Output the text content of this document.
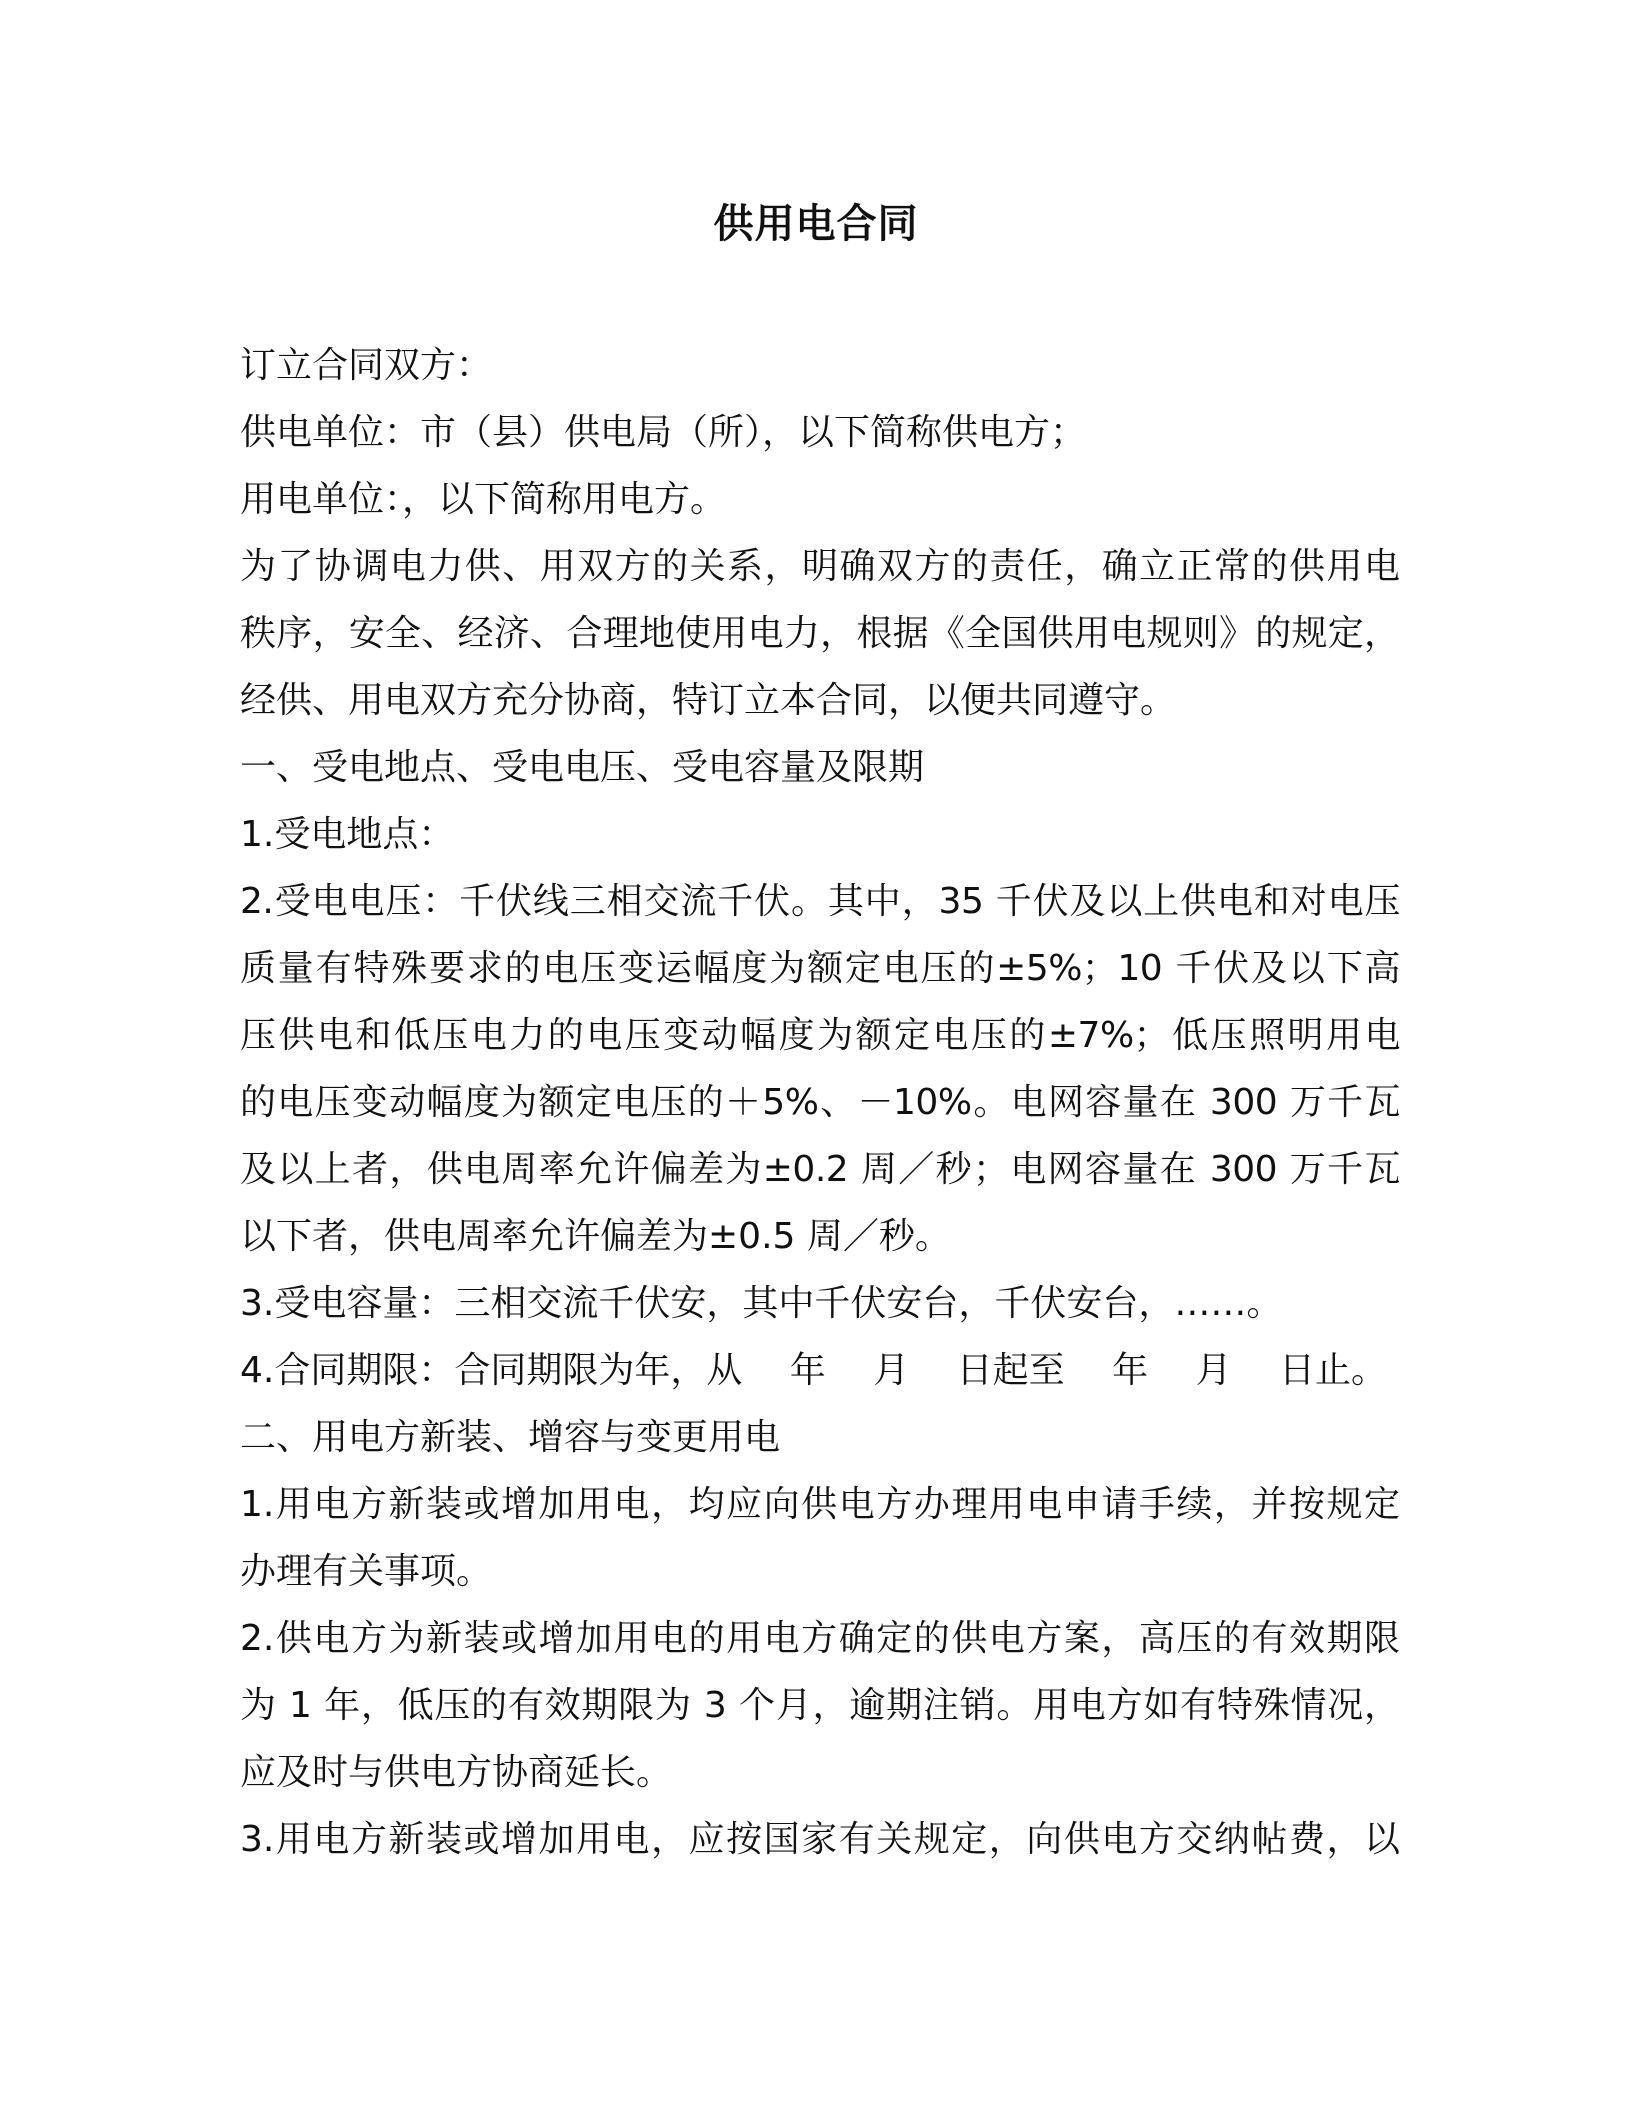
供用电合同
订立合同双方：
供电单位：市（县）供电局（所），以下简称供电方；
用电单位：，以下简称用电方。
为了协调电力供、用双方的关系，明确双方的责任，确立正常的供用电
秩序，安全、经济、合理地使用电力，根据《全国供用电规则》的规定，
经供、用电双方充分协商，特订立本合同，以便共同遵守。
一、受电地点、受电电压、受电容量及限期
1.受电地点：
2.受电电压：千伏线三相交流千伏。其中，35 千伏及以上供电和对电压
质量有特殊要求的电压变运幅度为额定电压的±5%；10 千伏及以下高
压供电和低压电力的电压变动幅度为额定电压的±7%；低压照明用电
的电压变动幅度为额定电压的＋5%、－10%。电网容量在 300 万千瓦
及以上者，供电周率允许偏差为±0.2 周／秒；电网容量在 300 万千瓦
以下者，供电周率允许偏差为±0.5 周／秒。
3.受电容量：三相交流千伏安，其中千伏安台，千伏安台，……。
4.合同期限：合同期限为年，从　 年　 月　 日起至　 年　 月　 日止。
二、用电方新装、增容与变更用电
1.用电方新装或增加用电，均应向供电方办理用电申请手续，并按规定
办理有关事项。
2.供电方为新装或增加用电的用电方确定的供电方案，高压的有效期限
为 1 年，低压的有效期限为 3 个月，逾期注销。用电方如有特殊情况，
应及时与供电方协商延长。
3.用电方新装或增加用电，应按国家有关规定，向供电方交纳帖费，以
